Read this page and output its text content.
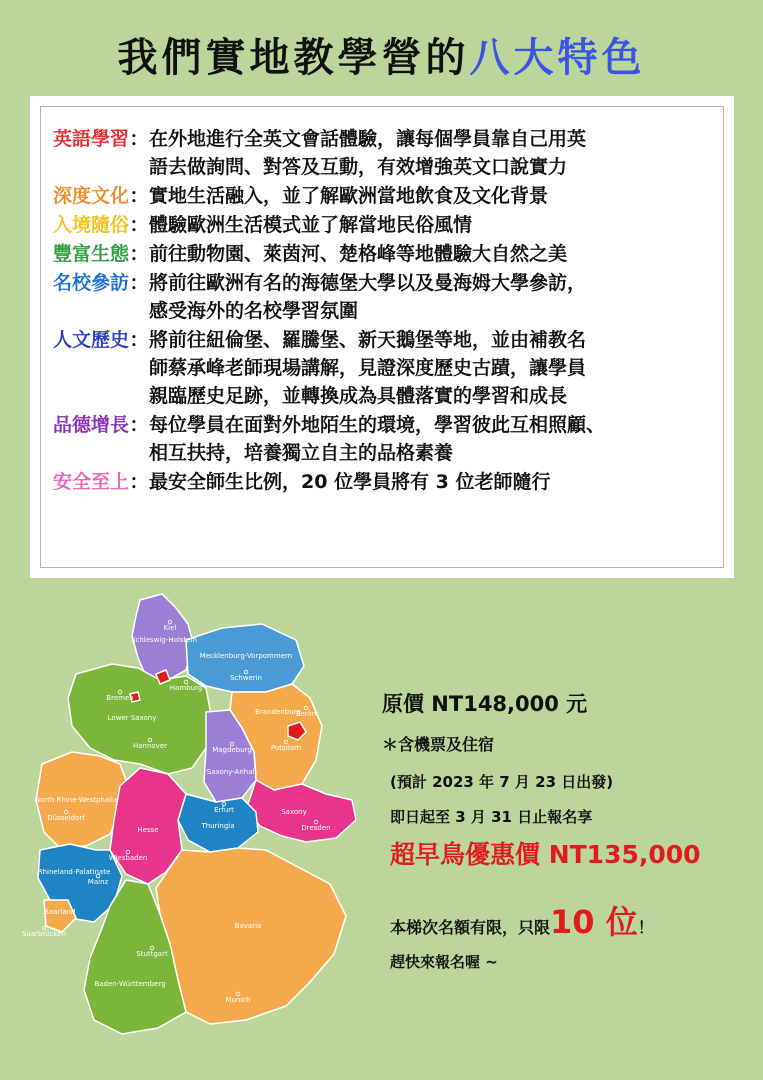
我們實地教學營的八大特色
英語學習 ： 在外地進行全英文會話體驗，讓每個學員靠自己用英
語去做詢問、對答及互動，有效增強英文口說實力
深度文化 ： 實地生活融入，並了解歐洲當地飲食及文化背景
入境隨俗 ： 體驗歐洲生活模式並了解當地民俗風情
豐富生態 ： 前往動物園、萊茵河、楚格峰等地體驗大自然之美
名校參訪 ： 將前往歐洲有名的海德堡大學以及曼海姆大學參訪，
感受海外的名校學習氛圍
人文歷史 ： 將前往紐倫堡、羅騰堡、新天鵝堡等地，並由補教名
師蔡承峰老師現場講解，見證深度歷史古蹟，讓學員
親臨歷史足跡，並轉換成為具體落實的學習和成長
品德增長 ： 每位學員在面對外地陌生的環境，學習彼此互相照顧、
相互扶持，培養獨立自主的品格素養
安全至上 ： 最安全師生比例，20 位學員將有 3 位老師隨行
Schleswig-Holstein
Mecklenburg-Vorpommern
Lower Saxony
Brandenburg
North Rhine-Westphalia
Saxony-Anhalt
Saxony
Thuringia
Hesse
Rhineland-Palatinate
Saarland
Bavaria
Baden-Württemberg
Kiel
Schwerin
Hamburg
Bremen
Berlin
Hannover	Magdeburg	Potsdam
Düsseldorf
Erfurt
Dresden
Wiesbaden
Mainz
Saarbrücken
Stuttgart
Munich
原價 NT148,000 元
＊含機票及住宿
(預計 2023 年 7 月 23 日出發)
即日起至 3 月 31 日止報名享
超早鳥優惠價 NT135,000
本梯次名額有限，只限10 位！
趕快來報名喔 ~
